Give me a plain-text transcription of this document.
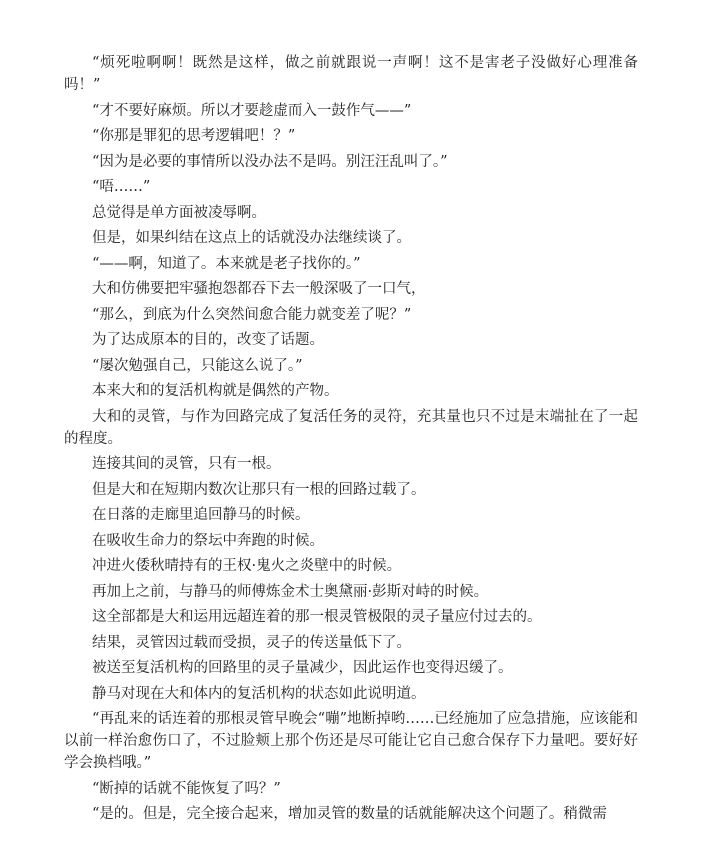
“烦死啦啊啊！既然是这样，做之前就跟说一声啊！这不是害老子没做好心理准备吗！”

“才不要好麻烦。所以才要趁虚而入一鼓作气——”

“你那是罪犯的思考逻辑吧！？”

“因为是必要的事情所以没办法不是吗。别汪汪乱叫了。”

“唔……”

总觉得是单方面被凌辱啊。

但是，如果纠结在这点上的话就没办法继续谈了。

“——啊，知道了。本来就是老子找你的。”

大和仿佛要把牢骚抱怨都吞下去一般深吸了一口气，

“那么，到底为什么突然间愈合能力就变差了呢？”

为了达成原本的目的，改变了话题。

“屡次勉强自己，只能这么说了。”

本来大和的复活机构就是偶然的产物。

大和的灵管，与作为回路完成了复活任务的灵符，充其量也只不过是末端扯在了一起的程度。

连接其间的灵管，只有一根。

但是大和在短期内数次让那只有一根的回路过载了。

在日落的走廊里追回静马的时候。

在吸收生命力的祭坛中奔跑的时候。

冲进火倭秋晴持有的王权·鬼火之炎壁中的时候。

再加上之前，与静马的师傅炼金术士奥黛丽·彭斯对峙的时候。

这全部都是大和运用远超连着的那一根灵管极限的灵子量应付过去的。

结果，灵管因过载而受损，灵子的传送量低下了。

被送至复活机构的回路里的灵子量减少，因此运作也变得迟缓了。

静马对现在大和体内的复活机构的状态如此说明道。

“再乱来的话连着的那根灵管早晚会“嘣”地断掉哟……已经施加了应急措施，应该能和以前一样治愈伤口了，不过脸颊上那个伤还是尽可能让它自己愈合保存下力量吧。要好好学会换档哦。”

“断掉的话就不能恢复了吗？”

“是的。但是，完全接合起来，增加灵管的数量的话就能解决这个问题了。稍微需
